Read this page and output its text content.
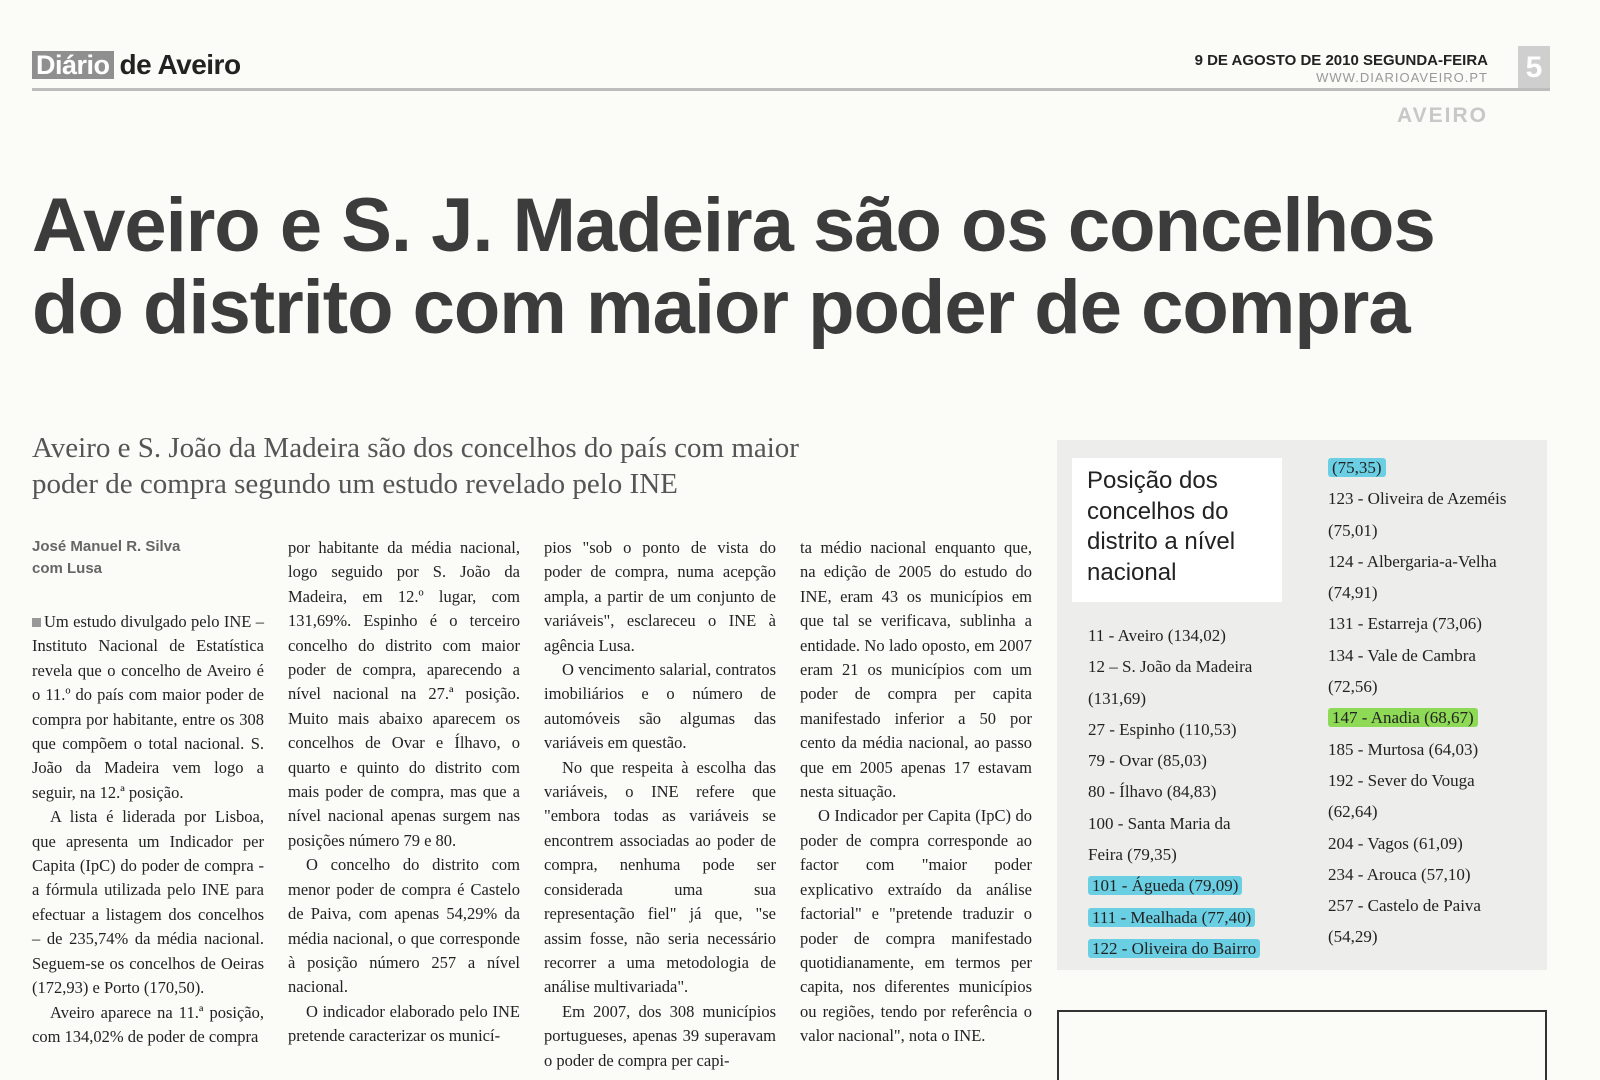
Diário de Aveiro	9 DE AGOSTO DE 2010 SEGUNDA-FEIRA
WWW.DIARIOAVEIRO.PT 5
AVEIRO
Aveiro e S. J. Madeira são os concelhos
do distrito com maior poder de compra
Aveiro e S. João da Madeira são dos concelhos do país com maior
poder de compra segundo um estudo revelado pelo INE
José Manuel R. Silva
com Lusa

Um estudo divulgado pelo INE – Instituto Nacional de Estatística revela que o concelho de Aveiro é o 11.º do país com maior poder de compra por habitante, entre os 308 que compõem o total nacional. S. João da Madeira vem logo a seguir, na 12.ª posição.

A lista é liderada por Lisboa, que apresenta um Indicador per Capita (IpC) do poder de compra - a fórmula utilizada pelo INE para efectuar a listagem dos concelhos – de 235,74% da média nacional. Seguem-se os concelhos de Oeiras (172,93) e Porto (170,50).

Aveiro aparece na 11.ª posição, com 134,02% de poder de compra

por habitante da média nacional, logo seguido por S. João da Madeira, em 12.º lugar, com 131,69%. Espinho é o terceiro concelho do distrito com maior poder de compra, aparecendo a nível nacional na 27.ª posição. Muito mais abaixo aparecem os concelhos de Ovar e Ílhavo, o quarto e quinto do distrito com mais poder de compra, mas que a nível nacional apenas surgem nas posições número 79 e 80.

O concelho do distrito com menor poder de compra é Castelo de Paiva, com apenas 54,29% da média nacional, o que corresponde à posição número 257 a nível nacional.

O indicador elaborado pelo INE pretende caracterizar os municí-

pios "sob o ponto de vista do poder de compra, numa acepção ampla, a partir de um conjunto de variáveis", esclareceu o INE à agência Lusa.

O vencimento salarial, contratos imobiliários e o número de automóveis são algumas das variáveis em questão.

No que respeita à escolha das variáveis, o INE refere que "embora todas as variáveis se encontrem associadas ao poder de compra, nenhuma pode ser considerada uma sua representação fiel" já que, "se assim fosse, não seria necessário recorrer a uma metodologia de análise multivariada".

Em 2007, dos 308 municípios portugueses, apenas 39 superavam o poder de compra per capi-

ta médio nacional enquanto que, na edição de 2005 do estudo do INE, eram 43 os municípios em que tal se verificava, sublinha a entidade. No lado oposto, em 2007 eram 21 os municípios com um poder de compra per capita manifestado inferior a 50 por cento da média nacional, ao passo que em 2005 apenas 17 estavam nesta situação.

O Indicador per Capita (IpC) do poder de compra corresponde ao factor com "maior poder explicativo extraído da análise factorial" e "pretende traduzir o poder de compra manifestado quotidianamente, em termos per capita, nos diferentes municípios ou regiões, tendo por referência o valor nacional", nota o INE.

Posição dos concelhos do distrito a nível nacional
11 - Aveiro (134,02)
12 – S. João da Madeira
(131,69)
27 - Espinho (110,53)
79 - Ovar (85,03)
80 - Ílhavo (84,83)
100 - Santa Maria da
Feira (79,35)
101 - Águeda (79,09)
111 - Mealhada (77,40)
122 - Oliveira do Bairro
(75,35)
123 - Oliveira de Azeméis
(75,01)
124 - Albergaria-a-Velha
(74,91)
131 - Estarreja (73,06)
134 - Vale de Cambra
(72,56)
147 - Anadia (68,67)
185 - Murtosa (64,03)
192 - Sever do Vouga
(62,64)
204 - Vagos (61,09)
234 - Arouca (57,10)
257 - Castelo de Paiva
(54,29)
